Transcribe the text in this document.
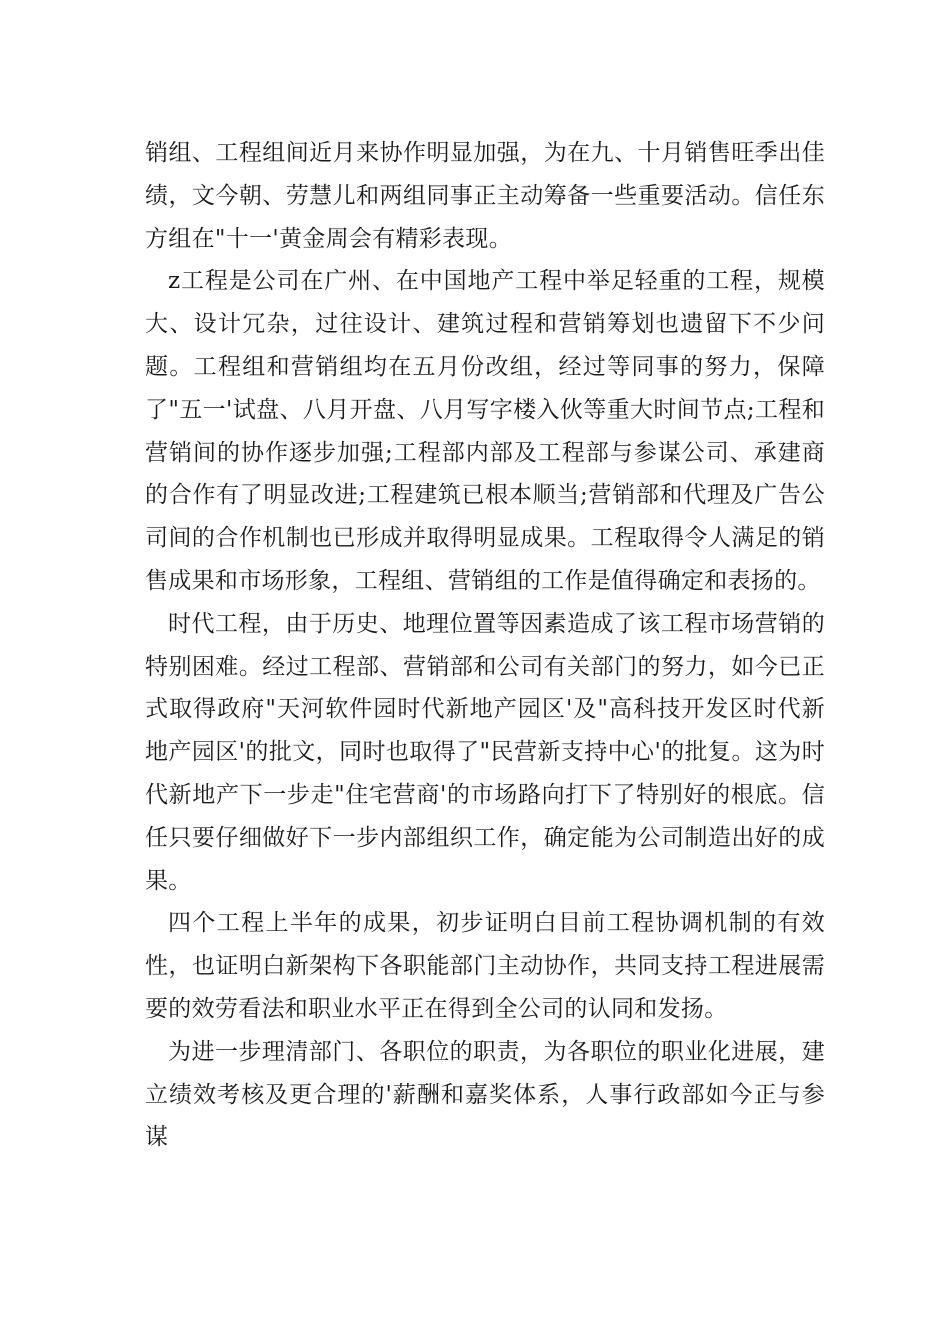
销组、工程组间近月来协作明显加强，为在九、十月销售旺季出佳绩，文今朝、劳慧儿和两组同事正主动筹备一些重要活动。信任东方组在"十一'黄金周会有精彩表现。

z工程是公司在广州、在中国地产工程中举足轻重的工程，规模大、设计冗杂，过往设计、建筑过程和营销筹划也遗留下不少问题。工程组和营销组均在五月份改组，经过等同事的努力，保障了"五一'试盘、八月开盘、八月写字楼入伙等重大时间节点;工程和营销间的协作逐步加强;工程部内部及工程部与参谋公司、承建商的合作有了明显改进;工程建筑已根本顺当;营销部和代理及广告公司间的合作机制也已形成并取得明显成果。工程取得令人满足的销售成果和市场形象，工程组、营销组的工作是值得确定和表扬的。

时代工程，由于历史、地理位置等因素造成了该工程市场营销的特别困难。经过工程部、营销部和公司有关部门的努力，如今已正式取得政府"天河软件园时代新地产园区'及"高科技开发区时代新地产园区'的批文，同时也取得了"民营新支持中心'的批复。这为时代新地产下一步走"住宅营商'的市场路向打下了特别好的根底。信任只要仔细做好下一步内部组织工作，确定能为公司制造出好的成果。

四个工程上半年的成果，初步证明白目前工程协调机制的有效性，也证明白新架构下各职能部门主动协作，共同支持工程进展需要的效劳看法和职业水平正在得到全公司的认同和发扬。

为进一步理清部门、各职位的职责，为各职位的职业化进展，建立绩效考核及更合理的'薪酬和嘉奖体系，人事行政部如今正与参谋
